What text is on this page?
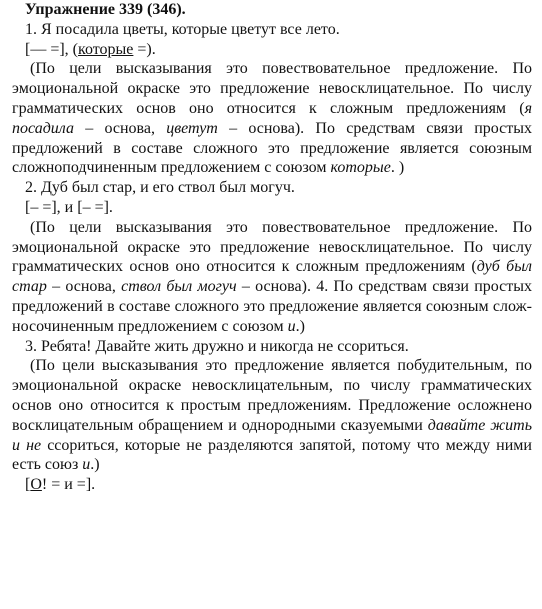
Упражнение 339 (346).

1. Я посадила цветы, которые цветут все лето.

[— =], (которые =).

(По цели высказывания это повествовательное предложение. По эмоциональной окраске это предложение невосклицательное. По числу грамматических основ оно относится к сложным предложениям (я посадила – основа, цветут – основа). По средствам связи простых предложений в составе сложного это предложение является союзным сложноподчиненным предложением с союзом которые. )

2. Дуб был стар, и его ствол был могуч.

[– =], и [– =].

(По цели высказывания это повествовательное предложение. По эмоциональной окраске это предложение невосклицательное. По числу грамматических основ оно относится к сложным предложениям (дуб был стар – основа, ствол был могуч – основа). 4. По средствам связи простых предложений в составе сложного это предложение является союзным сложносочиненным предложением с союзом и.)

3. Ребята! Давайте жить дружно и никогда не ссориться.

(По цели высказывания это предложение является побудительным, по эмоциональной окраске невосклицательным, по числу грамматических основ оно относится к простым предложениям. Предложение осложнено восклицательным обращением и однородными сказуемыми давайте жить и не ссориться, которые не разделяются запятой, потому что между ними есть союз и.)

[O! = и =].
